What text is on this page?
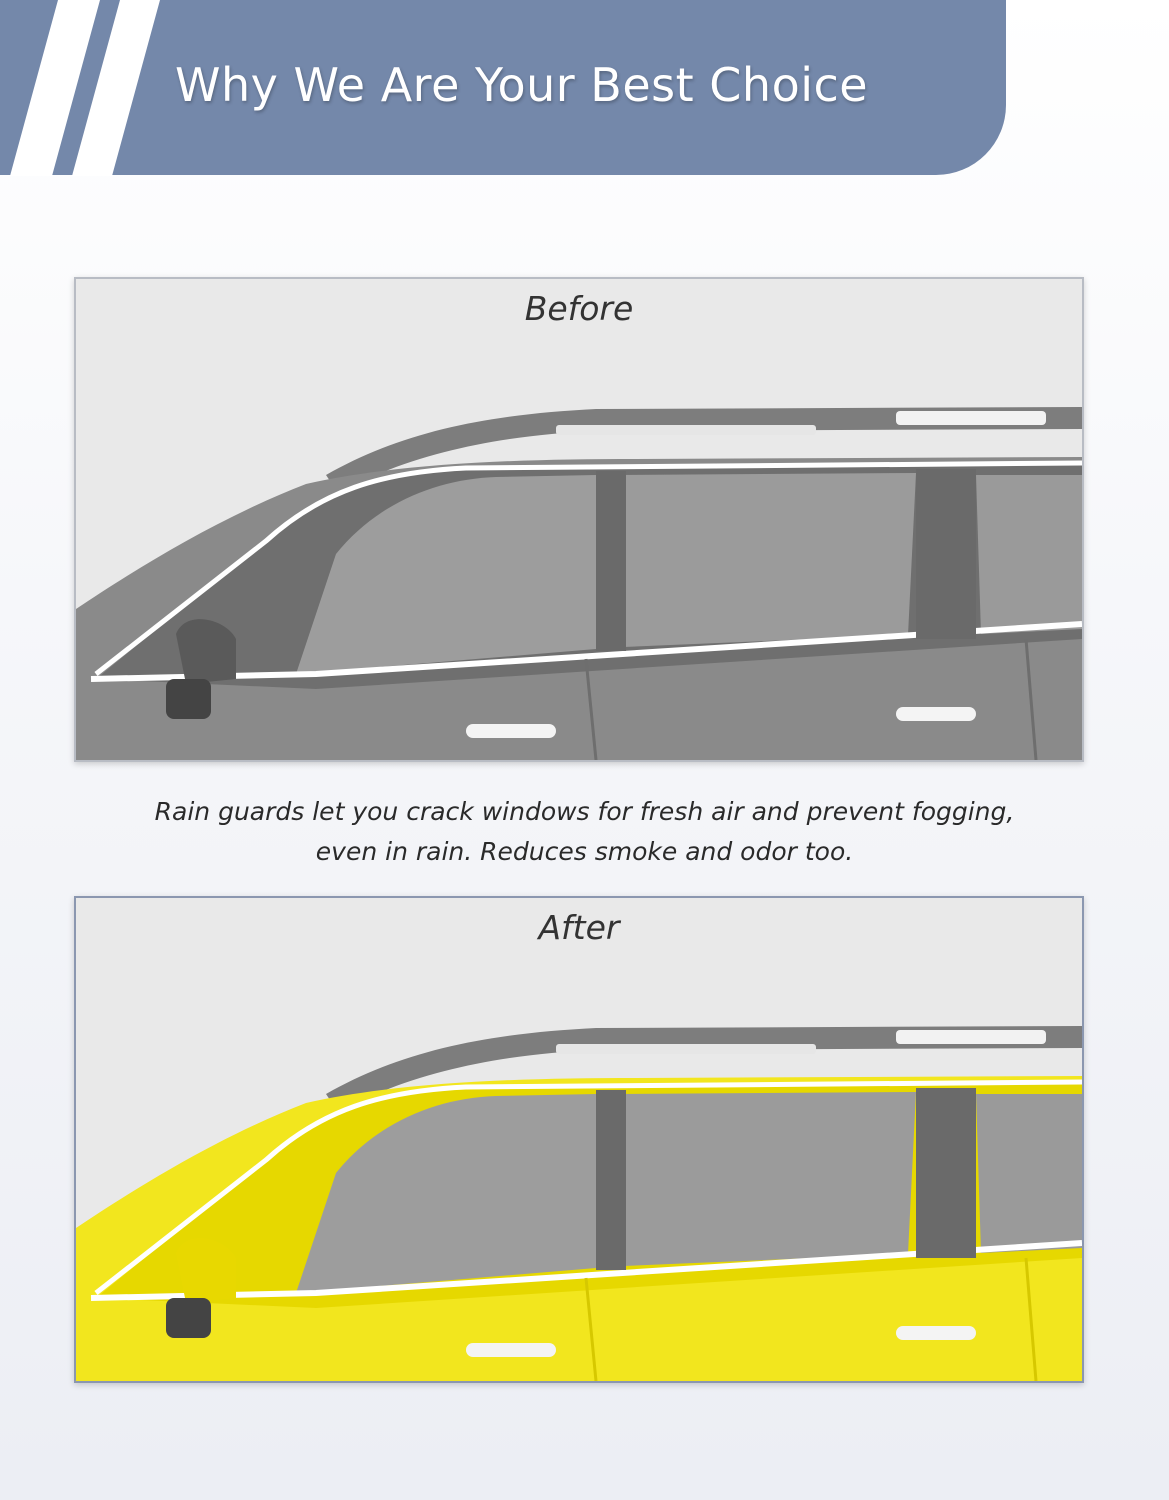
Why We Are Your Best Choice
Before
Rain guards let you crack windows for fresh air and prevent fogging,
even in rain. Reduces smoke and odor too.
After
